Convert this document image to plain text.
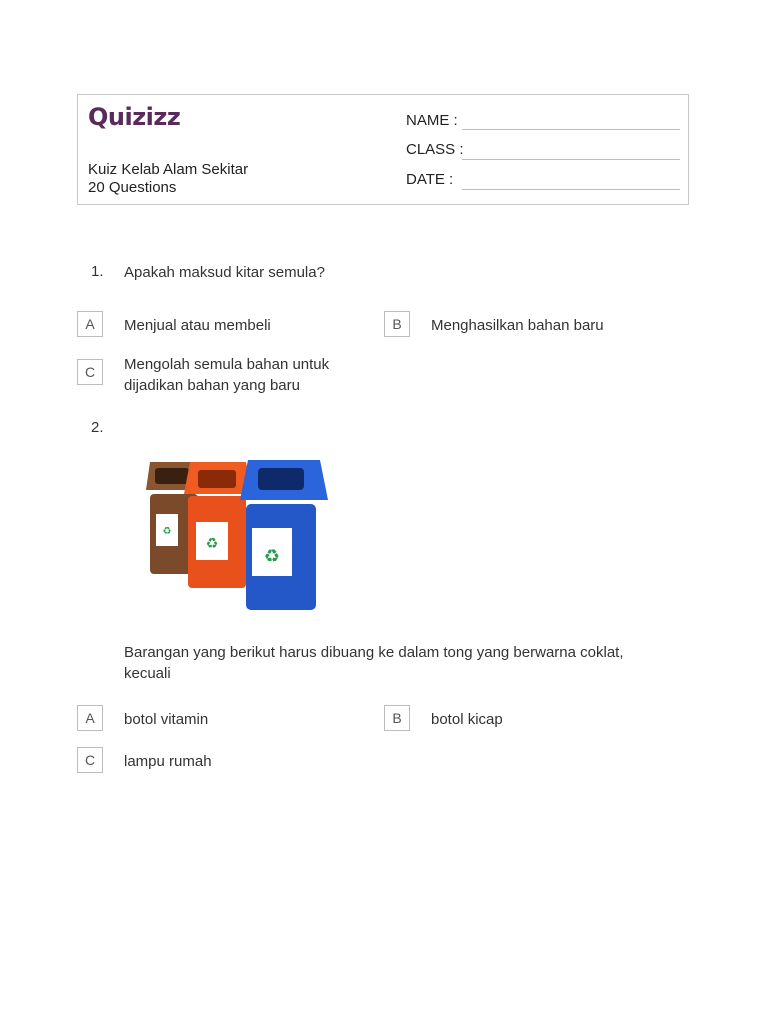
Quizizz
Kuiz Kelab Alam Sekitar
20 Questions
NAME :
CLASS :
DATE :
1. Apakah maksud kitar semula?
A	Menjual atau membeli	B	Menghasilkan bahan baru
C	Mengolah semula bahan untuk dijadikan bahan yang baru
2.
♻
♻
♻
Barangan yang berikut harus dibuang ke dalam tong yang berwarna coklat, kecuali
A	botol vitamin	B	botol kicap
C	lampu rumah
